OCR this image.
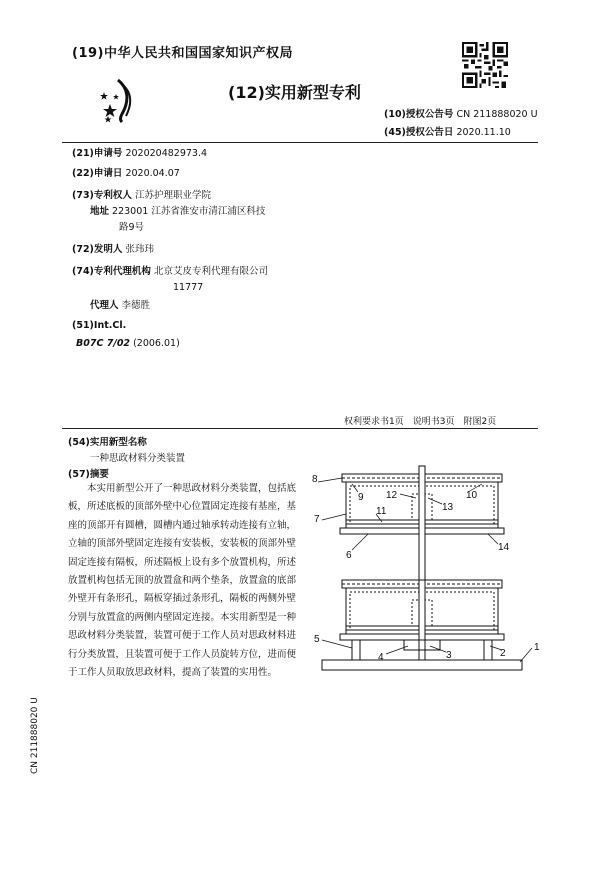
(19)中华人民共和国国家知识产权局
(12)实用新型专利
(10)授权公告号 CN 211888020 U
(45)授权公告日 2020.11.10
(21)申请号 202020482973.4
(22)申请日 2020.04.07
(73)专利权人 江苏护理职业学院
地址 223001 江苏省淮安市清江浦区科技
路9号
(72)发明人 张玮玮
(74)专利代理机构 北京艾皮专利代理有限公司
11777
代理人 李德胜
(51)Int.Cl.
B07C 7/02 (2006.01)
权利要求书1页　说明书3页　附图2页
(54)实用新型名称
一种思政材料分类装置
(57)摘要

本实用新型公开了一种思政材料分类装置，包括底板，所述底板的顶部外壁中心位置固定连接有基座，基座的顶部开有圆槽，圆槽内通过轴承转动连接有立轴，立轴的顶部外壁固定连接有安装板，安装板的顶部外壁固定连接有隔板，所述隔板上设有多个放置机构，所述放置机构包括无顶的放置盒和两个垫条，放置盒的底部外壁开有条形孔，隔板穿插过条形孔，隔板的两侧外壁分别与放置盒的两侧内壁固定连接。本实用新型是一种思政材料分类装置，装置可便于工作人员对思政材料进行分类放置，且装置可便于工作人员旋转方位，进而便于工作人员取放思政材料，提高了装置的实用性。

CN 211888020 U
8
9 12
13
10
7
11
6
14
5
4	3	2
1
